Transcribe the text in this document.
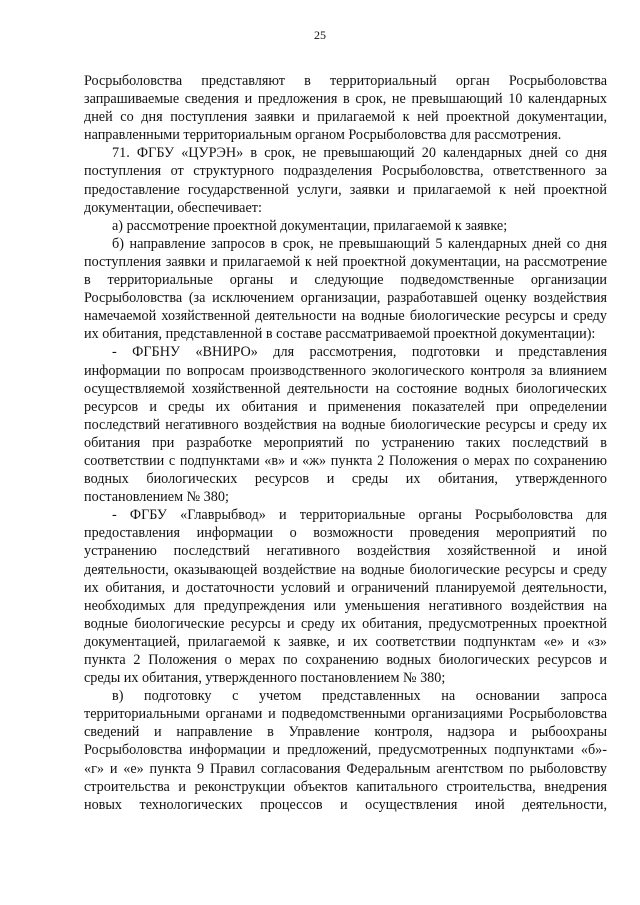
25
Росрыболовства представляют в территориальный орган Росрыболовства
запрашиваемые сведения и предложения в срок, не превышающий 10 календарных
дней со дня поступления заявки и прилагаемой к ней проектной документации,
направленными территориальным органом Росрыболовства для рассмотрения.
71. ФГБУ «ЦУРЭН» в срок, не превышающий 20 календарных дней со дня
поступления от структурного подразделения Росрыболовства, ответственного за
предоставление государственной услуги, заявки и прилагаемой к ней проектной
документации, обеспечивает:
а) рассмотрение проектной документации, прилагаемой к заявке;
б) направление запросов в срок, не превышающий 5 календарных дней со дня
поступления заявки и прилагаемой к ней проектной документации, на рассмотрение
в территориальные органы и следующие подведомственные организации
Росрыболовства (за исключением организации, разработавшей оценку воздействия
намечаемой хозяйственной деятельности на водные биологические ресурсы и среду
их обитания, представленной в составе рассматриваемой проектной документации):
- ФГБНУ «ВНИРО» для рассмотрения, подготовки и представления
информации по вопросам производственного экологического контроля за влиянием
осуществляемой хозяйственной деятельности на состояние водных биологических
ресурсов и среды их обитания и применения показателей при определении
последствий негативного воздействия на водные биологические ресурсы и среду их
обитания при разработке мероприятий по устранению таких последствий в
соответствии с подпунктами «в» и «ж» пункта 2 Положения о мерах по сохранению
водных биологических ресурсов и среды их обитания, утвержденного
постановлением № 380;
- ФГБУ «Главрыбвод» и территориальные органы Росрыболовства для
предоставления информации о возможности проведения мероприятий по
устранению последствий негативного воздействия хозяйственной и иной
деятельности, оказывающей воздействие на водные биологические ресурсы и среду
их обитания, и достаточности условий и ограничений планируемой деятельности,
необходимых для предупреждения или уменьшения негативного воздействия на
водные биологические ресурсы и среду их обитания, предусмотренных проектной
документацией, прилагаемой к заявке, и их соответствии подпунктам «е» и «з»
пункта 2 Положения о мерах по сохранению водных биологических ресурсов и
среды их обитания, утвержденного постановлением № 380;
в) подготовку с учетом представленных на основании запроса
территориальными органами и подведомственными организациями Росрыболовства
сведений и направление в Управление контроля, надзора и рыбоохраны
Росрыболовства информации и предложений, предусмотренных подпунктами «б»-
«г» и «е» пункта 9 Правил согласования Федеральным агентством по рыболовству
строительства и реконструкции объектов капитального строительства, внедрения
новых технологических процессов и осуществления иной деятельности,
